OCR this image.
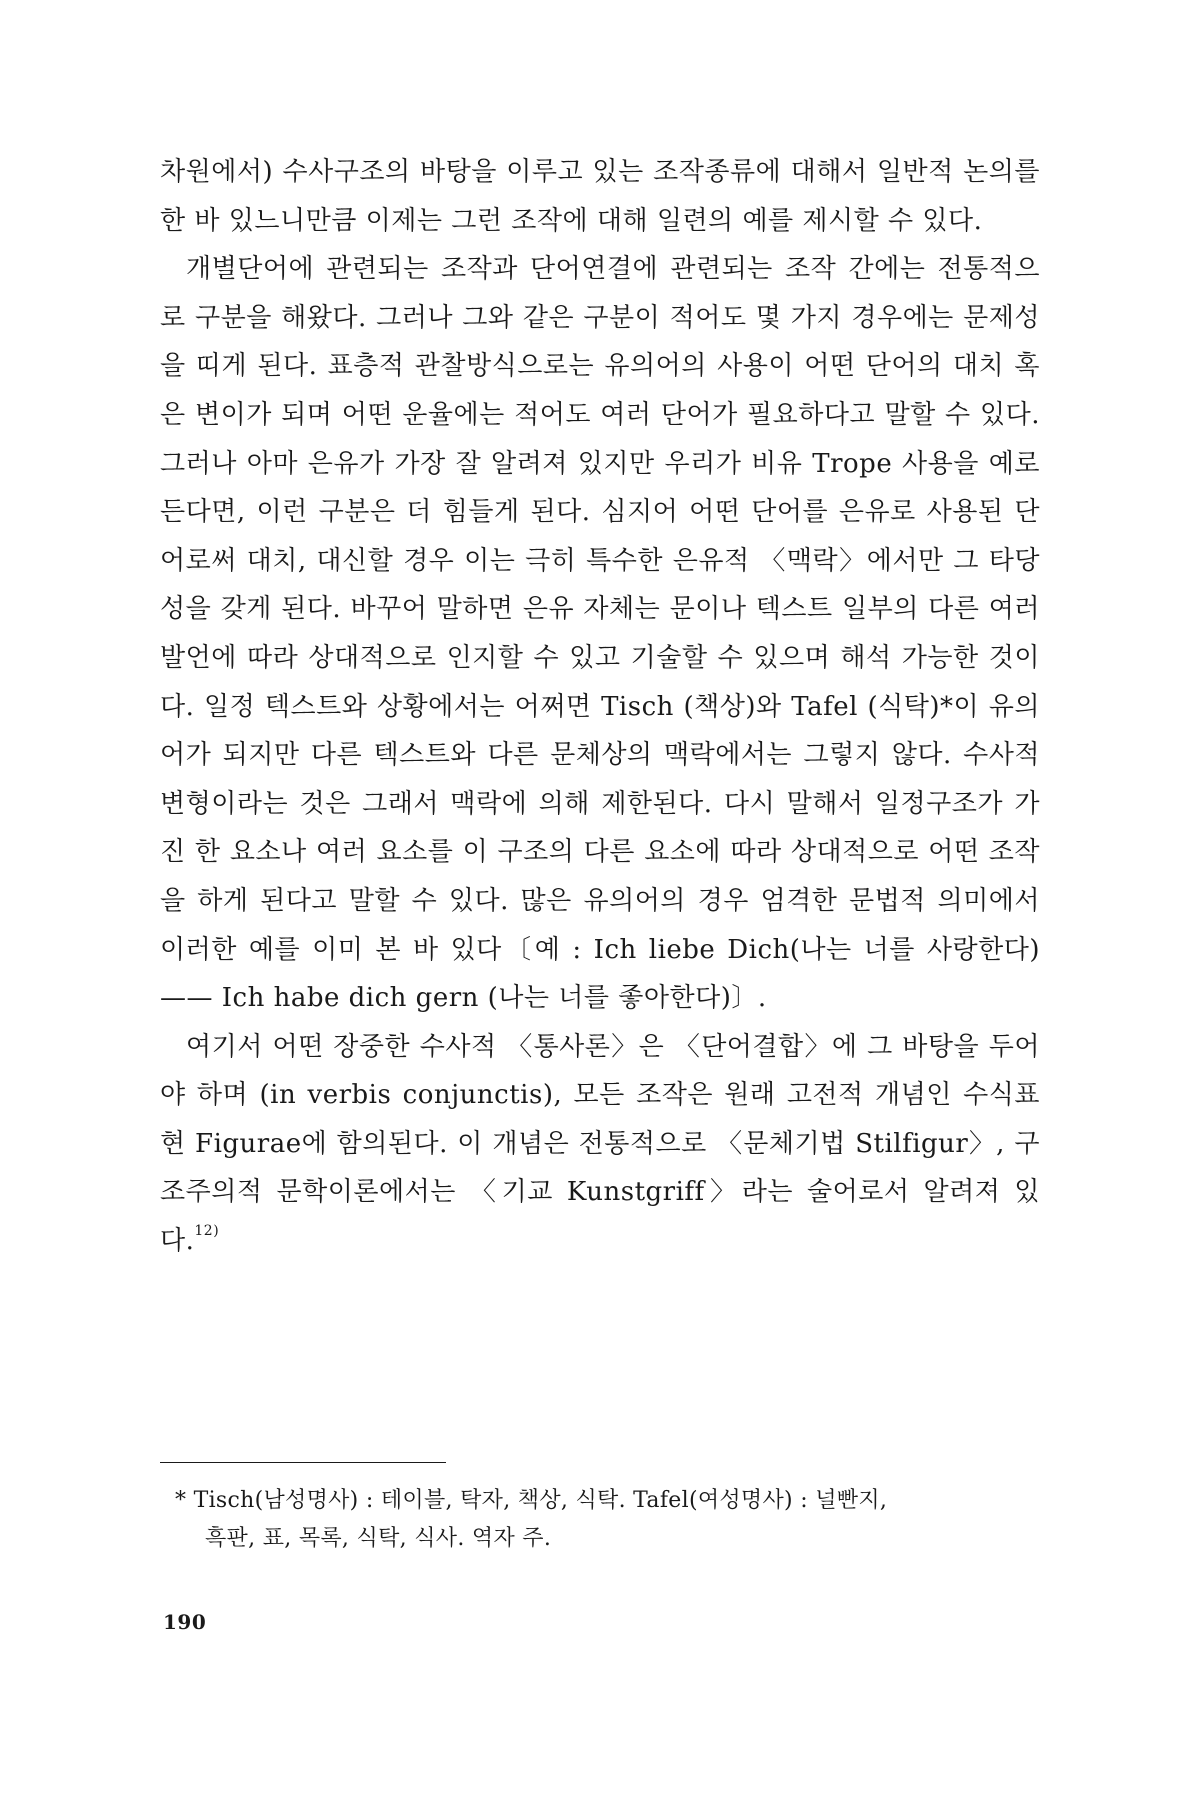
차원에서) 수사구조의 바탕을 이루고 있는 조작종류에 대해서 일반적 논의를 한 바 있느니만큼 이제는 그런 조작에 대해 일련의 예를 제시할 수 있다.

개별단어에 관련되는 조작과 단어연결에 관련되는 조작 간에는 전통적으로 구분을 해왔다. 그러나 그와 같은 구분이 적어도 몇 가지 경우에는 문제성을 띠게 된다. 표층적 관찰방식으로는 유의어의 사용이 어떤 단어의 대치 혹은 변이가 되며 어떤 운율에는 적어도 여러 단어가 필요하다고 말할 수 있다. 그러나 아마 은유가 가장 잘 알려져 있지만 우리가 비유 Trope 사용을 예로 든다면, 이런 구분은 더 힘들게 된다. 심지어 어떤 단어를 은유로 사용된 단어로써 대치, 대신할 경우 이는 극히 특수한 은유적 〈맥락〉에서만 그 타당성을 갖게 된다. 바꾸어 말하면 은유 자체는 문이나 텍스트 일부의 다른 여러 발언에 따라 상대적으로 인지할 수 있고 기술할 수 있으며 해석 가능한 것이다. 일정 텍스트와 상황에서는 어쩌면 Tisch (책상)와 Tafel (식탁)*이 유의어가 되지만 다른 텍스트와 다른 문체상의 맥락에서는 그렇지 않다. 수사적 변형이라는 것은 그래서 맥락에 의해 제한된다. 다시 말해서 일정구조가 가진 한 요소나 여러 요소를 이 구조의 다른 요소에 따라 상대적으로 어떤 조작을 하게 된다고 말할 수 있다. 많은 유의어의 경우 엄격한 문법적 의미에서 이러한 예를 이미 본 바 있다〔예 : Ich liebe Dich(나는 너를 사랑한다) —— Ich habe dich gern (나는 너를 좋아한다)〕.

여기서 어떤 장중한 수사적 〈통사론〉은 〈단어결합〉에 그 바탕을 두어야 하며 (in verbis conjunctis), 모든 조작은 원래 고전적 개념인 수식표현 Figurae에 함의된다. 이 개념은 전통적으로 〈문체기법 Stilfigur〉, 구조주의적 문학이론에서는 〈기교 Kunstgriff〉라는 술어로서 알려져 있다.$^{12)}$

* Tisch(남성명사) : 테이블, 탁자, 책상, 식탁. Tafel(여성명사) : 널빤지,
흑판, 표, 목록, 식탁, 식사. 역자 주.
190
